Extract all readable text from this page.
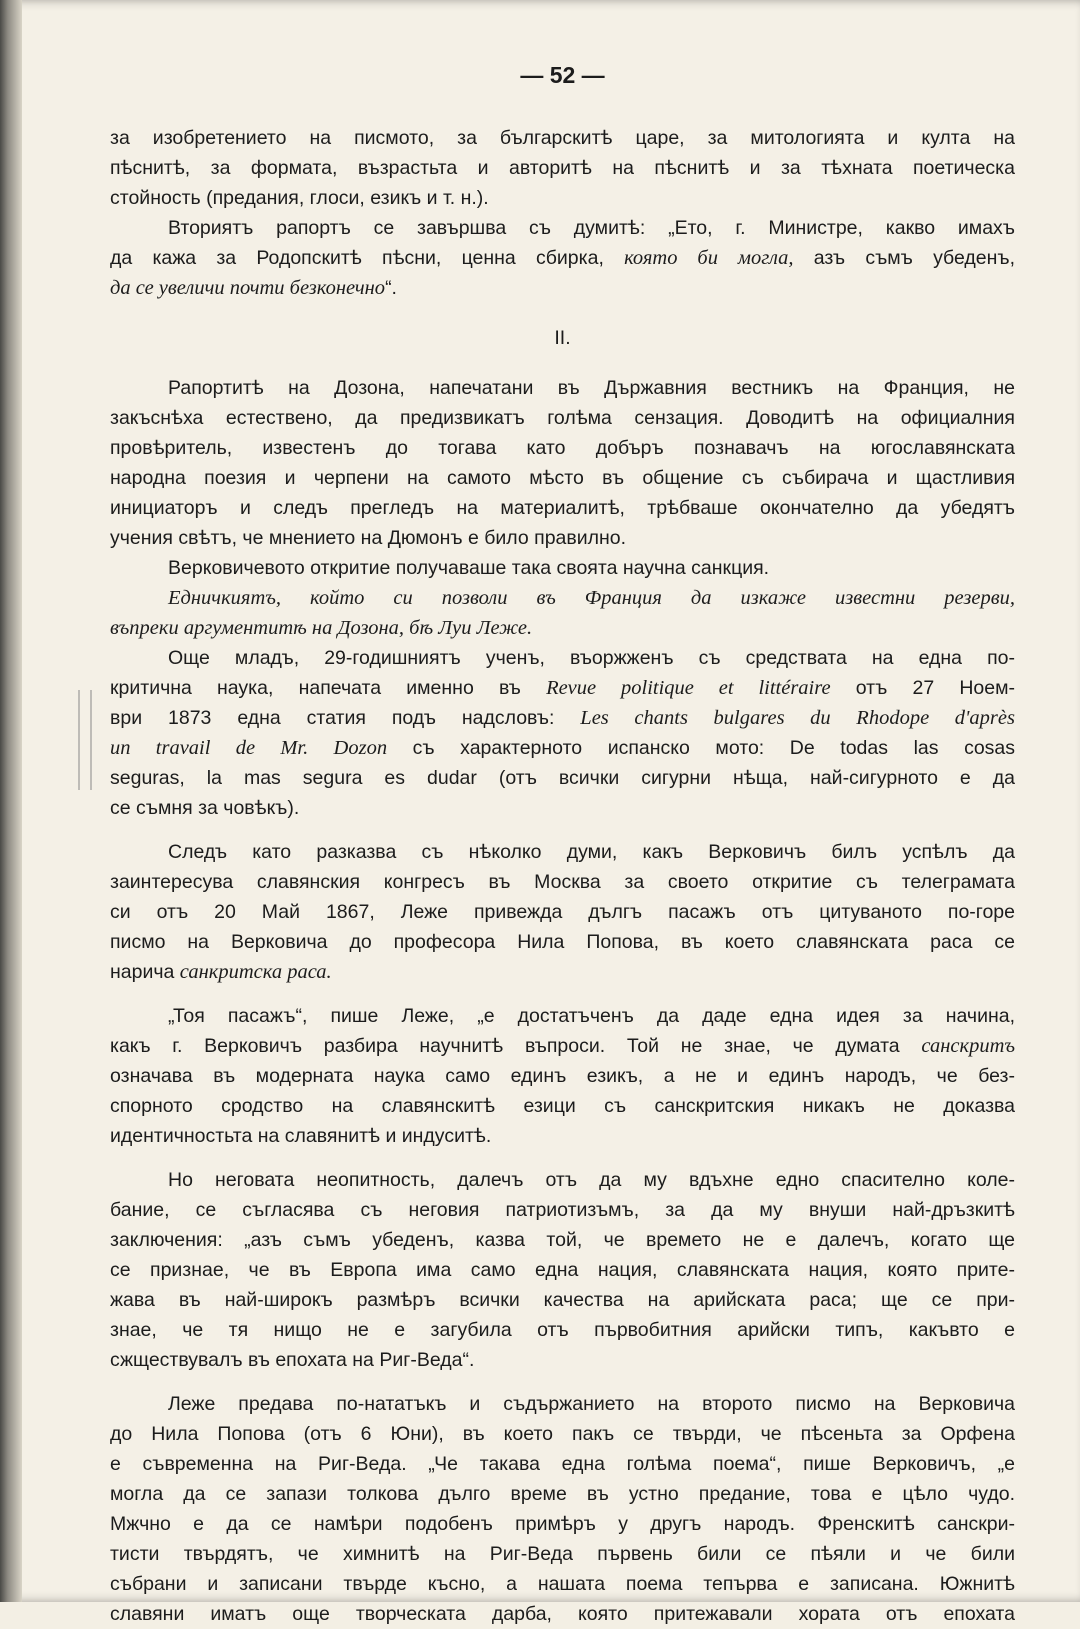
— 52 —
за изобретението на писмото, за българскитѣ царе, за митологията и култа на
пѣснитѣ, за формата, възрастьта и авторитѣ на пѣснитѣ и за тѣхната поетическа
стойность (предания, глоси, езикъ и т. н.).
Вториятъ рапортъ се завършва съ думитѣ: „Ето, г. Министре, какво имахъ
да кажа за Родопскитѣ пѣсни, ценна сбирка, която би могла, азъ съмъ убеденъ,
да се увеличи почти безконечно“.
II.
Рапортитѣ на Дозона, напечатани въ Държавния вестникъ на Франция, не
закъснѣха естествено, да предизвикатъ голѣма сензация. Доводитѣ на официалния
провѣритель, известенъ до тогава като добъръ познавачъ на югославянската
народна поезия и черпени на самото мѣсто въ общение съ събирача и щастливия
инициаторъ и следъ прегледъ на материалитѣ, трѣбваше окончателно да убедятъ
учения свѣтъ, че мнението на Дюмонъ е било правилно.
Верковичевото откритие получаваше така своята научна санкция.
Едничкиятъ, който си позволи въ Франция да изкаже известни резерви,
въпреки аргументитѣ на Дозона, бѣ Луи Леже.
Още младъ, 29-годишниятъ ученъ, въоржженъ съ средствата на една по-
критична наука, напечата именно въ Revue politique et littéraire отъ 27 Ноем-
ври 1873 една статия подъ надсловъ: Les chants bulgares du Rhodope d'après
un travail de Mr. Dozon съ характерното испанско мото: De todas las cosas
seguras, la mas segura es dudar (отъ всички сигурни нѣща, най-сигурното е да
се съмня за човѣкъ).
Следъ като разказва съ нѣколко думи, какъ Верковичъ билъ успѣлъ да
заинтересува славянския конгресъ въ Москва за своето откритие съ телеграмата
си отъ 20 Май 1867, Леже привежда дългъ пасажъ отъ цитуваното по-горе
писмо на Верковича до професора Нила Попова, въ което славянската раса се
нарича санкритска раса.
„Тоя пасажъ“, пише Леже, „е достатъченъ да даде една идея за начина,
какъ г. Верковичъ разбира научнитѣ въпроси. Той не знае, че думата санскритъ
означава въ модерната наука само единъ езикъ, а не и единъ народъ, че без-
спорното сродство на славянскитѣ езици съ санскритския никакъ не доказва
идентичностьта на славянитѣ и индуситѣ.
Но неговата неопитность, далечъ отъ да му вдъхне едно спасително коле-
бание, се съгласява съ неговия патриотизъмъ, за да му внуши най-дръзкитѣ
заключения: „азъ съмъ убеденъ, казва той, че времето не е далечъ, когато ще
се признае, че въ Европа има само една нация, славянската нация, която прите-
жава въ най-широкъ размѣръ всички качества на арийската раса; ще се при-
знае, че тя нищо не е загубила отъ първобитния арийски типъ, какъвто е
сжществувалъ въ епохата на Риг-Веда“.
Леже предава по-нататъкъ и съдържанието на второто писмо на Верковича
до Нила Попова (отъ 6 Юни), въ което пакъ се твърди, че пѣсеньта за Орфена
е съвременна на Риг-Веда. „Че такава една голѣма поема“, пише Верковичъ, „е
могла да се запази толкова дълго време въ устно предание, това е цѣло чудо.
Мжчно е да се намѣри подобенъ примѣръ у другъ народъ. Френскитѣ санскри-
тисти твърдятъ, че химнитѣ на Риг-Веда първень били се пѣяли и че били
събрани и записани твърде късно, а нашата поема тепърва е записана. Южнитѣ
славяни иматъ още творческата дарба, която притежавали хората отъ епохата
